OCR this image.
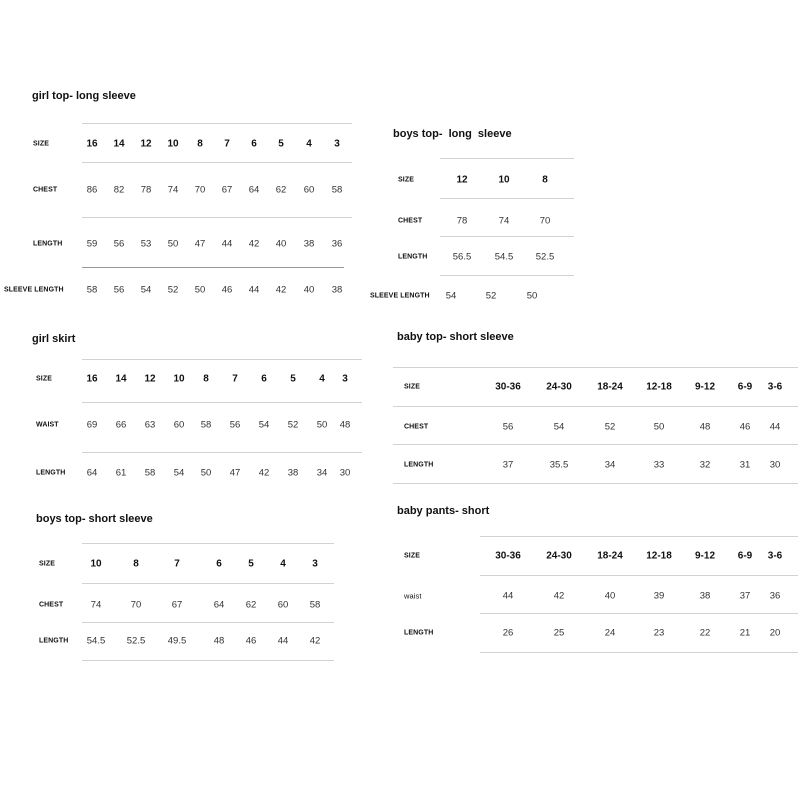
girl top- long sleeve
SIZE	16 14 12 10 8 7 6 5 4 3
CHEST	86 82 78 74 70 67 64 62 60 58
LENGTH	59 56 53 50 47 44 42 40 38 36
SLEEVE LENGTH 58 56 54 52 50 46 44 42 40 38
girl skirt
SIZE	16 14 12 10 8 7 6 5 4 3
WAIST	69 66 63 60 58 56 54 52 50 48
LENGTH 64 61 58 54 50 47 42 38 34 30
boys top- short sleeve
SIZE	10	8	7	6	5	4	3
CHEST	74	70	67	64 62 60 58
LENGTH 54.5 52.5 49.5	48 46 44 42
boys top-  long  sleeve
SIZE	12	10	8
CHEST	78	74	70
LENGTH	56.5 54.5 52.5
SLEEVE LENGTH 54	52	50
baby top- short sleeve
SIZE	30-36	24-30	18-24 12-18 9-12 6-9 3-6
CHEST	56	54	52	50	48	46 44
LENGTH	37	35.5	34	33	32	31 30
baby pants- short
SIZE	30-36	24-30	18-24 12-18 9-12 6-9 3-6
waist	44	42	40	39	38	37 36
LENGTH	26	25	24	23	22	21 20
